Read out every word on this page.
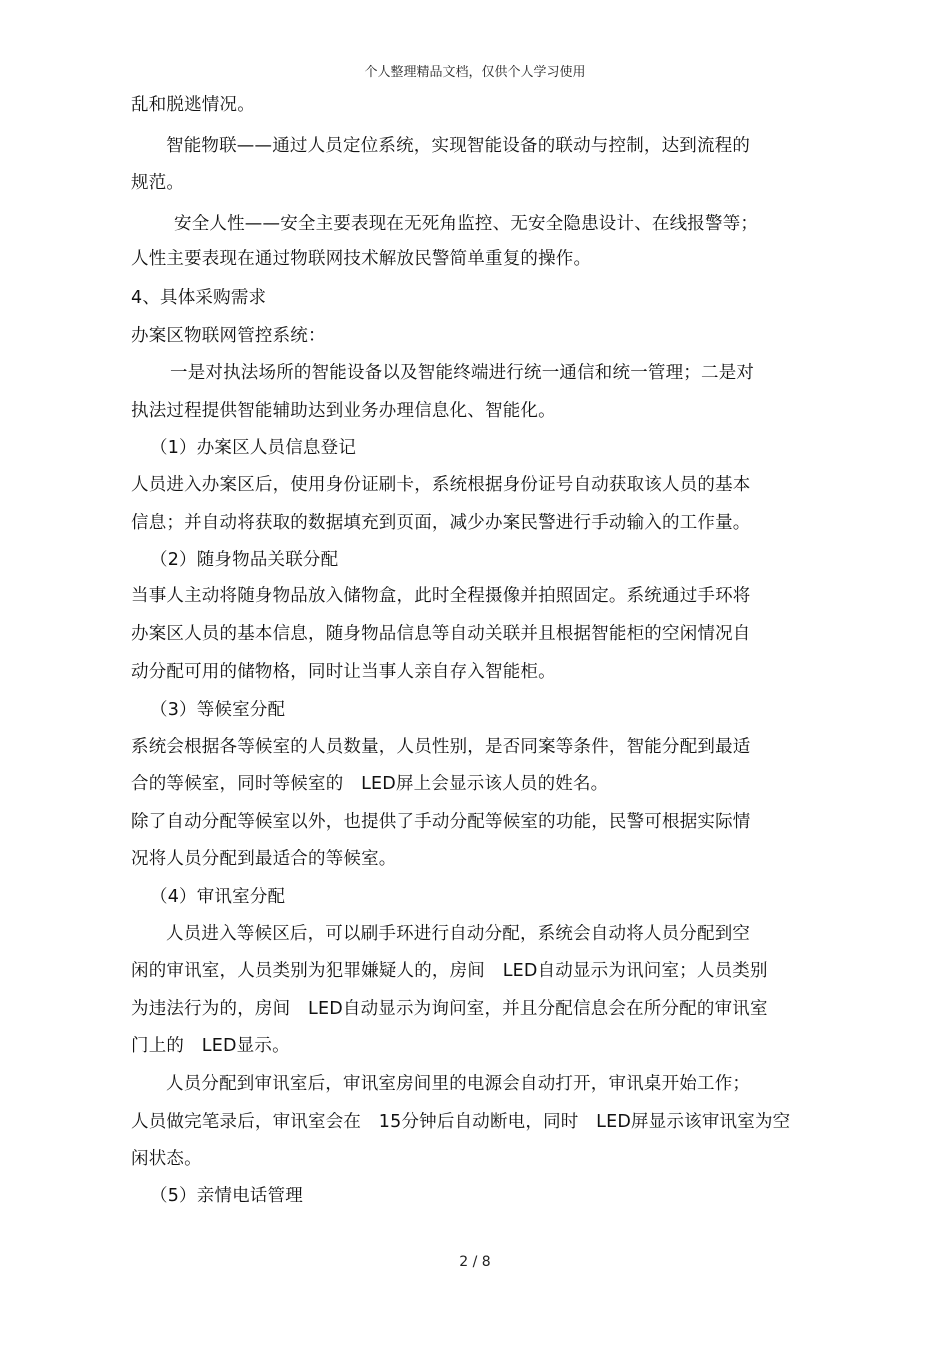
个人整理精品文档，仅供个人学习使用
乱和脱逃情况。
智能物联——通过人员定位系统，实现智能设备的联动与控制，达到流程的
规范。
安全人性——安全主要表现在无死角监控、无安全隐患设计、在线报警等；
人性主要表现在通过物联网技术解放民警简单重复的操作。
4、具体采购需求
办案区物联网管控系统：
一是对执法场所的智能设备以及智能终端进行统一通信和统一管理；二是对
执法过程提供智能辅助达到业务办理信息化、智能化。
（1）办案区人员信息登记
人员进入办案区后，使用身份证刷卡，系统根据身份证号自动获取该人员的基本
信息；并自动将获取的数据填充到页面，减少办案民警进行手动输入的工作量。
（2）随身物品关联分配
当事人主动将随身物品放入储物盒，此时全程摄像并拍照固定。系统通过手环将
办案区人员的基本信息，随身物品信息等自动关联并且根据智能柜的空闲情况自
动分配可用的储物格，同时让当事人亲自存入智能柜。
（3）等候室分配
系统会根据各等候室的人员数量，人员性别，是否同案等条件，智能分配到最适
合的等候室，同时等候室的　LED屏上会显示该人员的姓名。
除了自动分配等候室以外，也提供了手动分配等候室的功能，民警可根据实际情
况将人员分配到最适合的等候室。
（4）审讯室分配
人员进入等候区后，可以刷手环进行自动分配，系统会自动将人员分配到空
闲的审讯室，人员类别为犯罪嫌疑人的，房间　LED自动显示为讯问室；人员类别
为违法行为的，房间　LED自动显示为询问室，并且分配信息会在所分配的审讯室
门上的　LED显示。
人员分配到审讯室后，审讯室房间里的电源会自动打开，审讯桌开始工作；
人员做完笔录后，审讯室会在　15分钟后自动断电，同时　LED屏显示该审讯室为空
闲状态。
（5）亲情电话管理
2 / 8
